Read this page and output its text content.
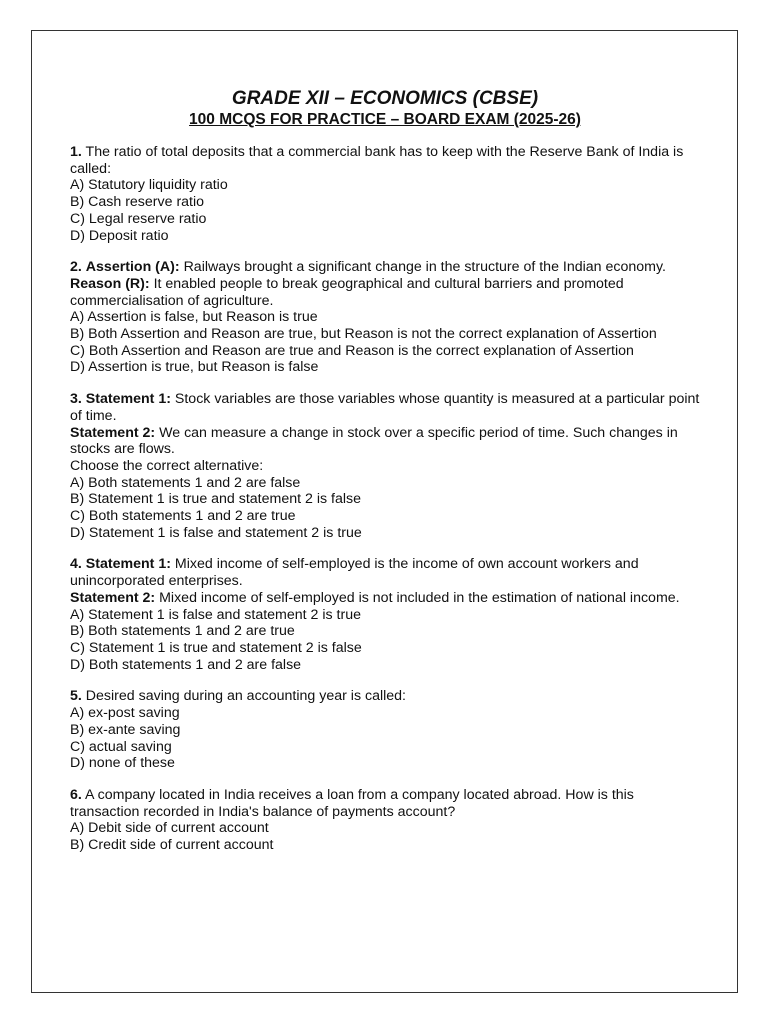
GRADE XII – ECONOMICS (CBSE)
100 MCQS FOR PRACTICE – BOARD EXAM (2025-26)

1. The ratio of total deposits that a commercial bank has to keep with the Reserve Bank of India is called:

A) Statutory liquidity ratio

B) Cash reserve ratio

C) Legal reserve ratio

D) Deposit ratio

2. Assertion (A): Railways brought a significant change in the structure of the Indian economy.

Reason (R): It enabled people to break geographical and cultural barriers and promoted commercialisation of agriculture.

A) Assertion is false, but Reason is true

B) Both Assertion and Reason are true, but Reason is not the correct explanation of Assertion

C) Both Assertion and Reason are true and Reason is the correct explanation of Assertion

D) Assertion is true, but Reason is false

3. Statement 1: Stock variables are those variables whose quantity is measured at a particular point of time.

Statement 2: We can measure a change in stock over a specific period of time. Such changes in stocks are flows.

Choose the correct alternative:

A) Both statements 1 and 2 are false

B) Statement 1 is true and statement 2 is false

C) Both statements 1 and 2 are true

D) Statement 1 is false and statement 2 is true

4. Statement 1: Mixed income of self-employed is the income of own account workers and unincorporated enterprises.

Statement 2: Mixed income of self-employed is not included in the estimation of national income.

A) Statement 1 is false and statement 2 is true

B) Both statements 1 and 2 are true

C) Statement 1 is true and statement 2 is false

D) Both statements 1 and 2 are false

5. Desired saving during an accounting year is called:

A) ex-post saving

B) ex-ante saving

C) actual saving

D) none of these

6. A company located in India receives a loan from a company located abroad. How is this transaction recorded in India's balance of payments account?

A) Debit side of current account

B) Credit side of current account
